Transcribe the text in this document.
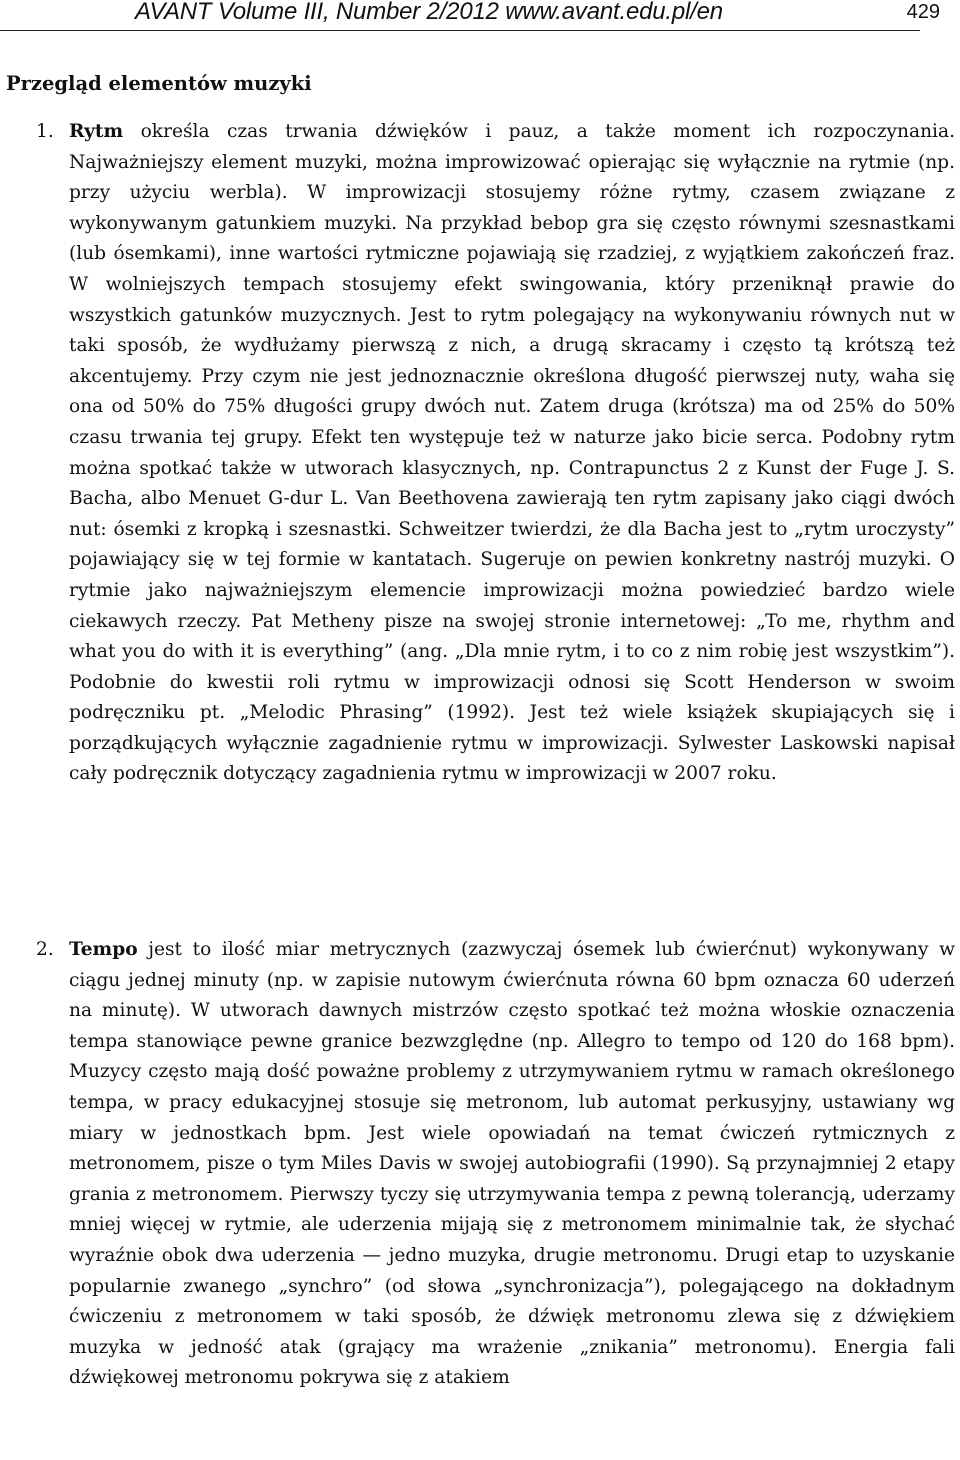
AVANT Volume III, Number 2/2012 www.avant.edu.pl/en	429
Przegląd elementów muzyki

1. Rytm określa czas trwania dźwięków i pauz, a także moment ich rozpoczynania. Najważniejszy element muzyki, można improwizować opierając się wyłącznie na rytmie (np. przy użyciu werbla). W improwizacji stosujemy różne rytmy, czasem związane z wykonywanym gatunkiem muzyki. Na przykład bebop gra się często równymi szesnastkami (lub ósemkami), inne wartości rytmiczne pojawiają się rzadziej, z wyjątkiem zakończeń fraz. W wolniejszych tempach stosujemy efekt swingowania, który przeniknął prawie do wszystkich gatunków muzycznych. Jest to rytm polegający na wykonywaniu równych nut w taki sposób, że wydłużamy pierwszą z nich, a drugą skracamy i często tą krótszą też akcentujemy. Przy czym nie jest jednoznacznie określona długość pierwszej nuty, waha się ona od 50% do 75% długości grupy dwóch nut. Zatem druga (krótsza) ma od 25% do 50% czasu trwania tej grupy. Efekt ten występuje też w naturze jako bicie serca. Podobny rytm można spotkać także w utworach klasycznych, np. Contrapunctus 2 z Kunst der Fuge J. S. Bacha, albo Menuet G-dur L. Van Beethovena zawierają ten rytm zapisany jako ciągi dwóch nut: ósemki z kropką i szesnastki. Schweitzer twierdzi, że dla Bacha jest to „rytm uroczysty” pojawiający się w tej formie w kantatach. Sugeruje on pewien konkretny nastrój muzyki. O rytmie jako najważniejszym elemencie improwizacji można powiedzieć bardzo wiele ciekawych rzeczy. Pat Metheny pisze na swojej stronie internetowej: „To me, rhythm and what you do with it is everything” (ang. „Dla mnie rytm, i to co z nim robię jest wszystkim”). Podobnie do kwestii roli rytmu w improwizacji odnosi się Scott Henderson w swoim podręczniku pt. „Melodic Phrasing” (1992). Jest też wiele książek skupiających się i porządkujących wyłącznie zagadnienie rytmu w improwizacji. Sylwester Laskowski napisał cały podręcznik dotyczący zagadnienia rytmu w improwizacji w 2007 roku.

2. Tempo jest to ilość miar metrycznych (zazwyczaj ósemek lub ćwierćnut) wykonywany w ciągu jednej minuty (np. w zapisie nutowym ćwierćnuta równa 60 bpm oznacza 60 uderzeń na minutę). W utworach dawnych mistrzów często spotkać też można włoskie oznaczenia tempa stanowiące pewne granice bezwzględne (np. Allegro to tempo od 120 do 168 bpm). Muzycy często mają dość poważne problemy z utrzymywaniem rytmu w ramach określonego tempa, w pracy edukacyjnej stosuje się metronom, lub automat perkusyjny, ustawiany wg miary w jednostkach bpm. Jest wiele opowiadań na temat ćwiczeń rytmicznych z metronomem, pisze o tym Miles Davis w swojej autobiografii (1990). Są przynajmniej 2 etapy grania z metronomem. Pierwszy tyczy się utrzymywania tempa z pewną tolerancją, uderzamy mniej więcej w rytmie, ale uderzenia mijają się z metronomem minimalnie tak, że słychać wyraźnie obok dwa uderzenia — jedno muzyka, drugie metronomu. Drugi etap to uzyskanie popularnie zwanego „synchro” (od słowa „synchronizacja”), polegającego na dokładnym ćwiczeniu z metronomem w taki sposób, że dźwięk metronomu zlewa się z dźwiękiem muzyka w jedność atak (grający ma wrażenie „znikania” metronomu). Energia fali dźwiękowej metronomu pokrywa się z atakiem
